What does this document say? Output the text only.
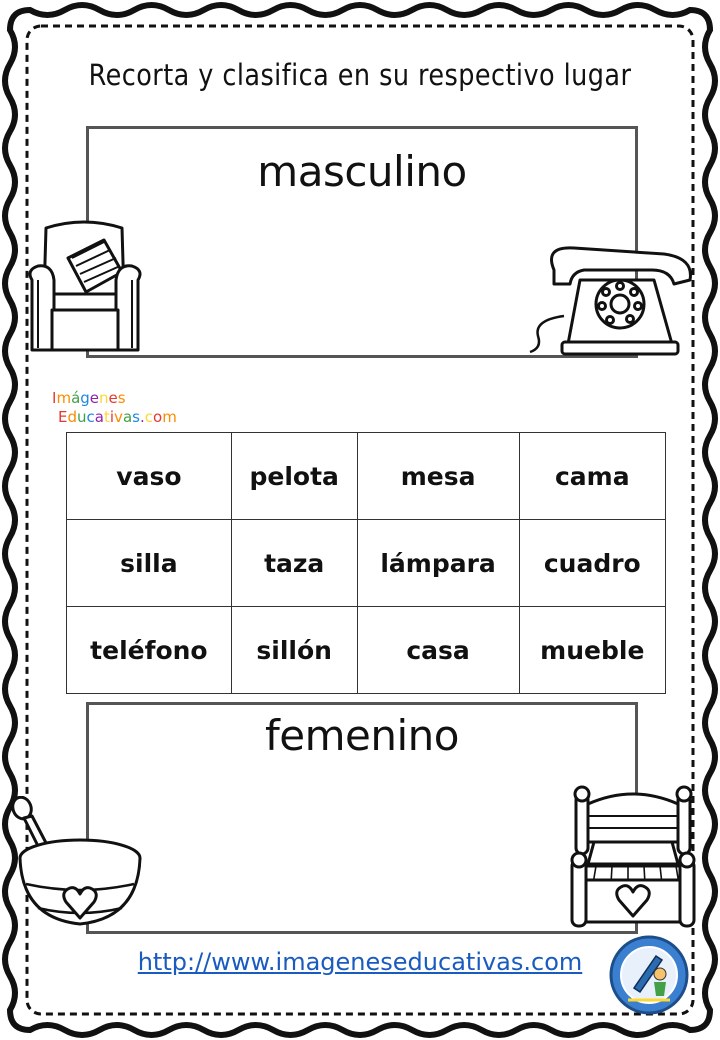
Recorta y clasifica en su respectivo lugar
masculino
femenino
Imágenes
Educativas.com
vaso	pelota	mesa	cama
silla	taza	lámpara	cuadro
teléfono	sillón	casa	mueble
http://www.imageneseducativas.com
